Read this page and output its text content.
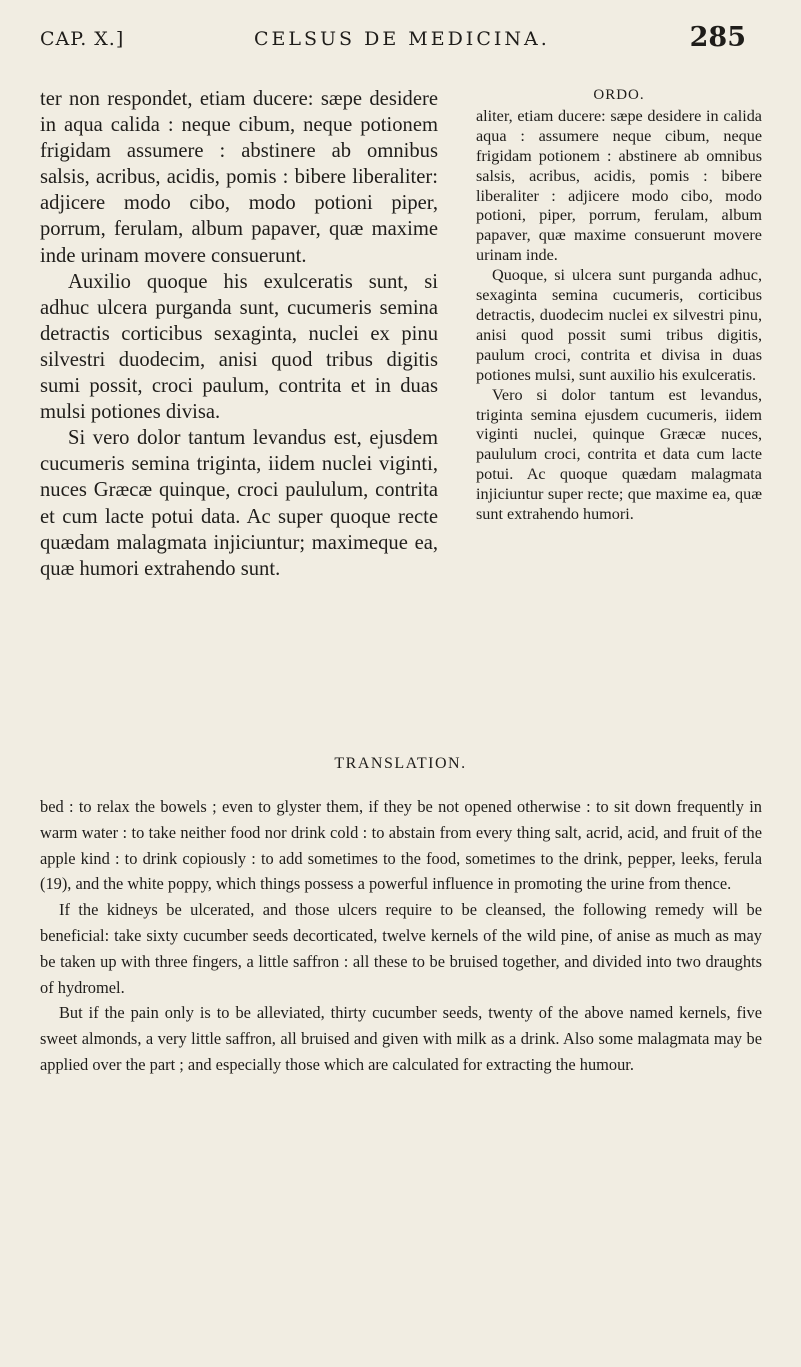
CAP. X.]	CELSUS DE MEDICINA.	285

ter non respondet, etiam ducere: sæpe desidere in aqua calida : neque cibum, neque potionem frigidam assumere : abstinere ab omnibus salsis, acribus, acidis, pomis : bibere liberaliter: adjicere modo cibo, modo potioni piper, porrum, ferulam, album papaver, quæ maxime inde urinam movere consuerunt.

Auxilio quoque his exulceratis sunt, si adhuc ulcera purganda sunt, cucumeris semina detractis corticibus sexaginta, nuclei ex pinu silvestri duodecim, anisi quod tribus digitis sumi possit, croci paulum, contrita et in duas mulsi potiones divisa.

Si vero dolor tantum levandus est, ejusdem cucumeris semina triginta, iidem nuclei viginti, nuces Græcæ quinque, croci paululum, contrita et cum lacte potui data. Ac super quoque recte quædam malagmata injiciuntur; maximeque ea, quæ humori extrahendo sunt.

ORDO.

aliter, etiam ducere: sæpe desidere in calida aqua : assumere neque cibum, neque frigidam potionem : abstinere ab omnibus salsis, acribus, acidis, pomis : bibere liberaliter : adjicere modo cibo, modo potioni, piper, porrum, ferulam, album papaver, quæ maxime consuerunt movere urinam inde.

Quoque, si ulcera sunt purganda adhuc, sexaginta semina cucumeris, corticibus detractis, duodecim nuclei ex silvestri pinu, anisi quod possit sumi tribus digitis, paulum croci, contrita et divisa in duas potiones mulsi, sunt auxilio his exulceratis.

Vero si dolor tantum est levandus, triginta semina ejusdem cucumeris, iidem viginti nuclei, quinque Græcæ nuces, paululum croci, contrita et data cum lacte potui. Ac quoque quædam malagmata injiciuntur super recte; que maxime ea, quæ sunt extrahendo humori.

TRANSLATION.

bed : to relax the bowels ; even to glyster them, if they be not opened otherwise : to sit down frequently in warm water : to take neither food nor drink cold : to abstain from every thing salt, acrid, acid, and fruit of the apple kind : to drink copiously : to add sometimes to the food, sometimes to the drink, pepper, leeks, ferula (19), and the white poppy, which things possess a powerful influence in promoting the urine from thence.

If the kidneys be ulcerated, and those ulcers require to be cleansed, the following remedy will be beneficial: take sixty cucumber seeds decorticated, twelve kernels of the wild pine, of anise as much as may be taken up with three fingers, a little saffron : all these to be bruised together, and divided into two draughts of hydromel.

But if the pain only is to be alleviated, thirty cucumber seeds, twenty of the above named kernels, five sweet almonds, a very little saffron, all bruised and given with milk as a drink. Also some malagmata may be applied over the part ; and especially those which are calculated for extracting the humour.
